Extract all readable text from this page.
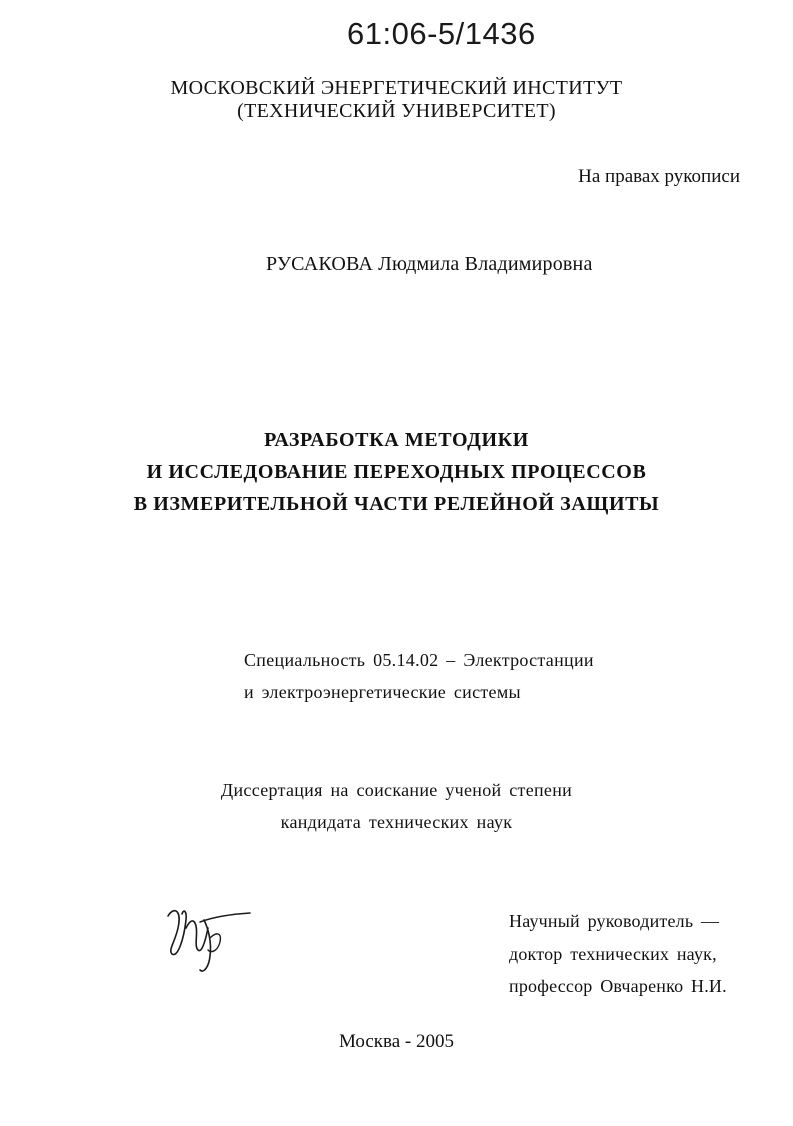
61:06-5/1436
МОСКОВСКИЙ ЭНЕРГЕТИЧЕСКИЙ ИНСТИТУТ
(ТЕХНИЧЕСКИЙ УНИВЕРСИТЕТ)
На правах рукописи
РУСАКОВА Людмила Владимировна
РАЗРАБОТКА МЕТОДИКИ
И ИССЛЕДОВАНИЕ ПЕРЕХОДНЫХ ПРОЦЕССОВ
В ИЗМЕРИТЕЛЬНОЙ ЧАСТИ РЕЛЕЙНОЙ ЗАЩИТЫ
Специальность 05.14.02 – Электростанции
и электроэнергетические системы
Диссертация на соискание ученой степени
кандидата технических наук
Научный руководитель —
доктор технических наук,
профессор Овчаренко Н.И.
Москва - 2005
